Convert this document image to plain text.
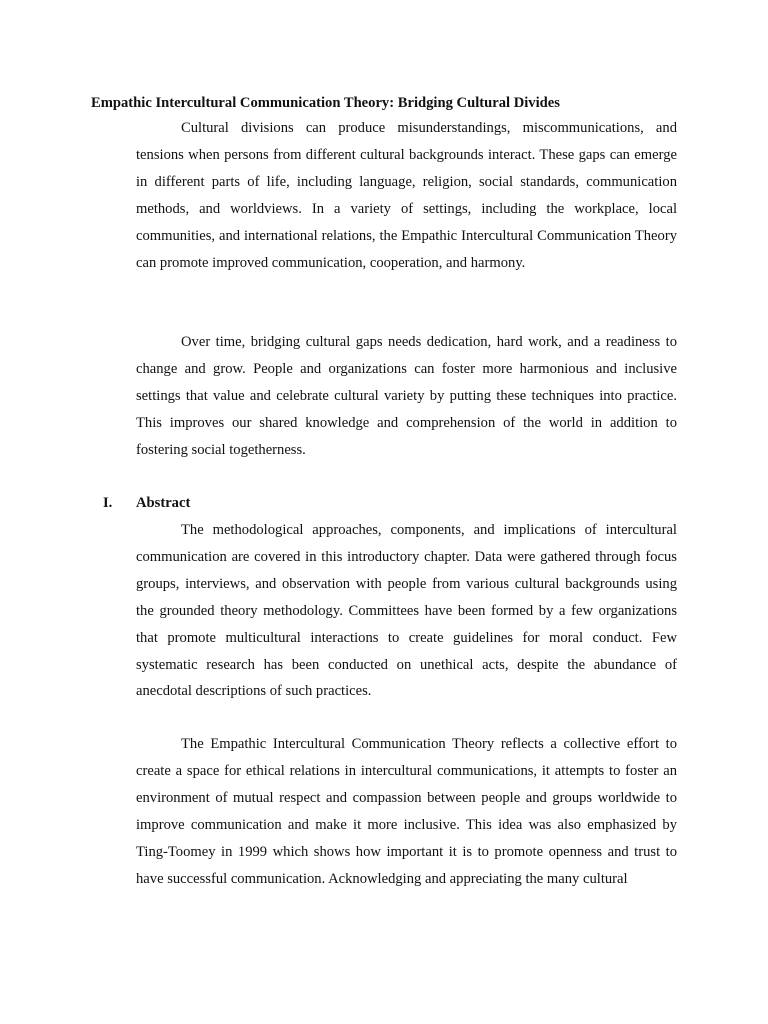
Empathic Intercultural Communication Theory: Bridging Cultural Divides

Cultural divisions can produce misunderstandings, miscommunications, and tensions when persons from different cultural backgrounds interact. These gaps can emerge in different parts of life, including language, religion, social standards, communication methods, and worldviews. In a variety of settings, including the workplace, local communities, and international relations, the Empathic Intercultural Communication Theory can promote improved communication, cooperation, and harmony.

Over time, bridging cultural gaps needs dedication, hard work, and a readiness to change and grow. People and organizations can foster more harmonious and inclusive settings that value and celebrate cultural variety by putting these techniques into practice. This improves our shared knowledge and comprehension of the world in addition to fostering social togetherness.

I. Abstract

The methodological approaches, components, and implications of intercultural communication are covered in this introductory chapter. Data were gathered through focus groups, interviews, and observation with people from various cultural backgrounds using the grounded theory methodology. Committees have been formed by a few organizations that promote multicultural interactions to create guidelines for moral conduct. Few systematic research has been conducted on unethical acts, despite the abundance of anecdotal descriptions of such practices.

The Empathic Intercultural Communication Theory reflects a collective effort to create a space for ethical relations in intercultural communications, it attempts to foster an environment of mutual respect and compassion between people and groups worldwide to improve communication and make it more inclusive. This idea was also emphasized by Ting-Toomey in 1999 which shows how important it is to promote openness and trust to have successful communication. Acknowledging and appreciating the many cultural
